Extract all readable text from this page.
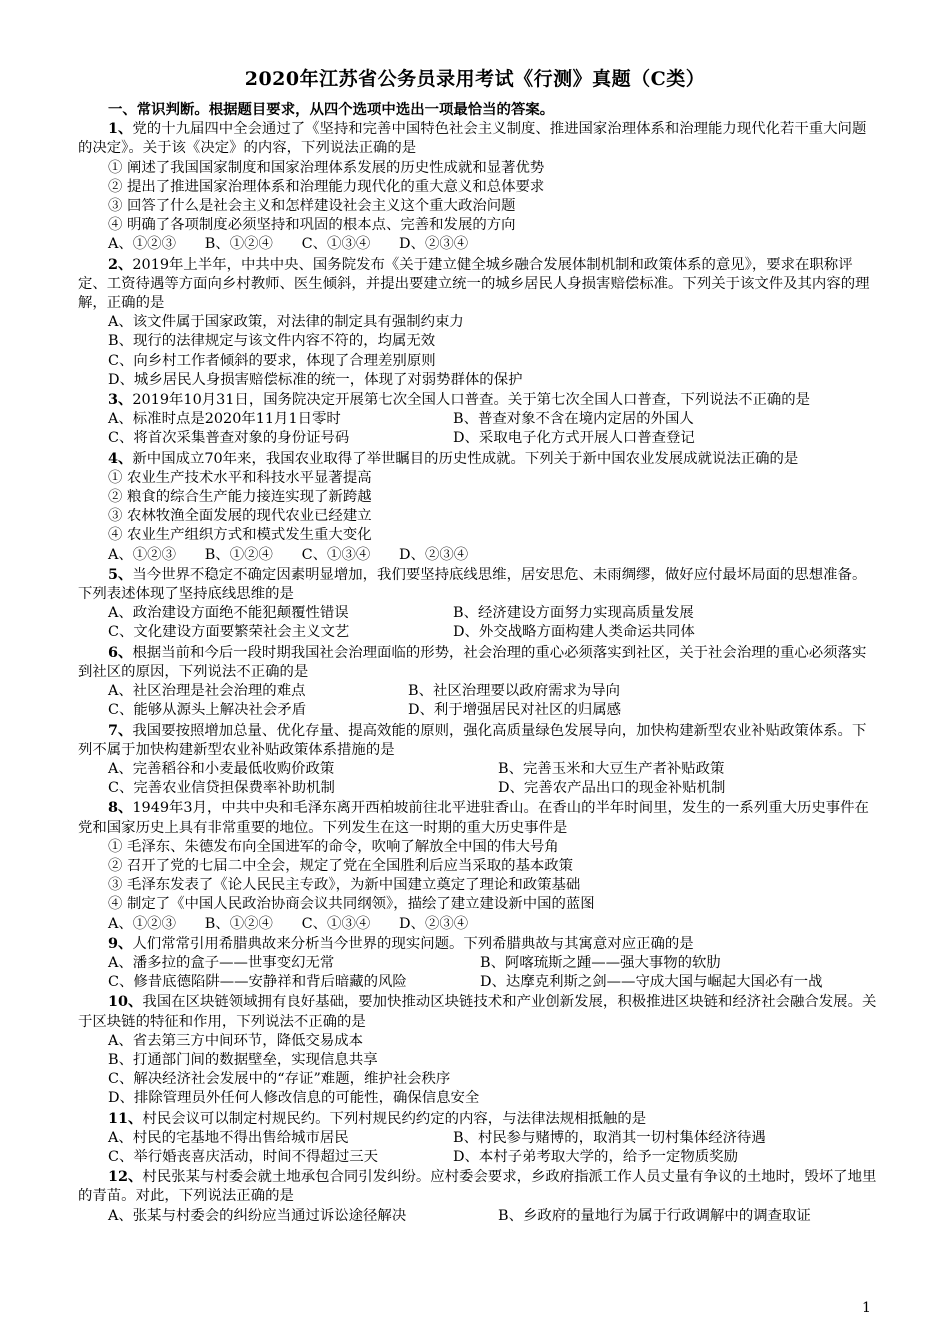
2020年江苏省公务员录用考试《行测》真题（C类）
一、常识判断。根据题目要求，从四个选项中选出一项最恰当的答案。
1、党的十九届四中全会通过了《坚持和完善中国特色社会主义制度、推进国家治理体系和治理能力现代化若干重大问题的决定》。关于该《决定》的内容，下列说法正确的是
① 阐述了我国国家制度和国家治理体系发展的历史性成就和显著优势
② 提出了推进国家治理体系和治理能力现代化的重大意义和总体要求
③ 回答了什么是社会主义和怎样建设社会主义这个重大政治问题
④ 明确了各项制度必须坚持和巩固的根本点、完善和发展的方向
A、①②③　　B、①②④　　C、①③④　　D、②③④
2、2019年上半年，中共中央、国务院发布《关于建立健全城乡融合发展体制机制和政策体系的意见》，要求在职称评定、工资待遇等方面向乡村教师、医生倾斜，并提出要建立统一的城乡居民人身损害赔偿标准。下列关于该文件及其内容的理解，正确的是
A、该文件属于国家政策，对法律的制定具有强制约束力
B、现行的法律规定与该文件内容不符的，均属无效
C、向乡村工作者倾斜的要求，体现了合理差别原则
D、城乡居民人身损害赔偿标准的统一，体现了对弱势群体的保护
3、2019年10月31日，国务院决定开展第七次全国人口普查。关于第七次全国人口普查，下列说法不正确的是
A、标准时点是2020年11月1日零时	B、普查对象不含在境内定居的外国人
C、将首次采集普查对象的身份证号码	D、采取电子化方式开展人口普查登记
4、新中国成立70年来，我国农业取得了举世瞩目的历史性成就。下列关于新中国农业发展成就说法正确的是
① 农业生产技术水平和科技水平显著提高
② 粮食的综合生产能力接连实现了新跨越
③ 农林牧渔全面发展的现代农业已经建立
④ 农业生产组织方式和模式发生重大变化
A、①②③　　B、①②④　　C、①③④　　D、②③④
5、当今世界不稳定不确定因素明显增加，我们要坚持底线思维，居安思危、未雨绸缪，做好应付最坏局面的思想准备。下列表述体现了坚持底线思维的是
A、政治建设方面绝不能犯颠覆性错误	B、经济建设方面努力实现高质量发展
C、文化建设方面要繁荣社会主义文艺	D、外交战略方面构建人类命运共同体
6、根据当前和今后一段时期我国社会治理面临的形势，社会治理的重心必须落实到社区，关于社会治理的重心必须落实到社区的原因，下列说法不正确的是
A、社区治理是社会治理的难点	B、社区治理要以政府需求为导向
C、能够从源头上解决社会矛盾	D、利于增强居民对社区的归属感
7、我国要按照增加总量、优化存量、提高效能的原则，强化高质量绿色发展导向，加快构建新型农业补贴政策体系。下列不属于加快构建新型农业补贴政策体系措施的是
A、完善稻谷和小麦最低收购价政策	B、完善玉米和大豆生产者补贴政策
C、完善农业信贷担保费率补助机制	D、完善农产品出口的现金补贴机制
8、1949年3月，中共中央和毛泽东离开西柏坡前往北平进驻香山。在香山的半年时间里，发生的一系列重大历史事件在党和国家历史上具有非常重要的地位。下列发生在这一时期的重大历史事件是
① 毛泽东、朱德发布向全国进军的命令，吹响了解放全中国的伟大号角
② 召开了党的七届二中全会，规定了党在全国胜利后应当采取的基本政策
③ 毛泽东发表了《论人民民主专政》，为新中国建立奠定了理论和政策基础
④ 制定了《中国人民政治协商会议共同纲领》，描绘了建立建设新中国的蓝图
A、①②③　　B、①②④　　C、①③④　　D、②③④
9、人们常常引用希腊典故来分析当今世界的现实问题。下列希腊典故与其寓意对应正确的是
A、潘多拉的盒子——世事变幻无常	B、阿喀琉斯之踵——强大事物的软肋
C、修昔底德陷阱——安静祥和背后暗藏的风险	D、达摩克利斯之剑——守成大国与崛起大国必有一战
10、我国在区块链领域拥有良好基础，要加快推动区块链技术和产业创新发展，积极推进区块链和经济社会融合发展。关于区块链的特征和作用，下列说法不正确的是
A、省去第三方中间环节，降低交易成本
B、打通部门间的数据壁垒，实现信息共享
C、解决经济社会发展中的“存证”难题，维护社会秩序
D、排除管理员外任何人修改信息的可能性，确保信息安全
11、村民会议可以制定村规民约。下列村规民约约定的内容，与法律法规相抵触的是
A、村民的宅基地不得出售给城市居民	B、村民参与赌博的，取消其一切村集体经济待遇
C、举行婚丧喜庆活动，时间不得超过三天	D、本村子弟考取大学的，给予一定物质奖励
12、村民张某与村委会就土地承包合同引发纠纷。应村委会要求，乡政府指派工作人员丈量有争议的土地时，毁坏了地里的青苗。对此，下列说法正确的是
A、张某与村委会的纠纷应当通过诉讼途径解决	B、乡政府的量地行为属于行政调解中的调查取证
1
